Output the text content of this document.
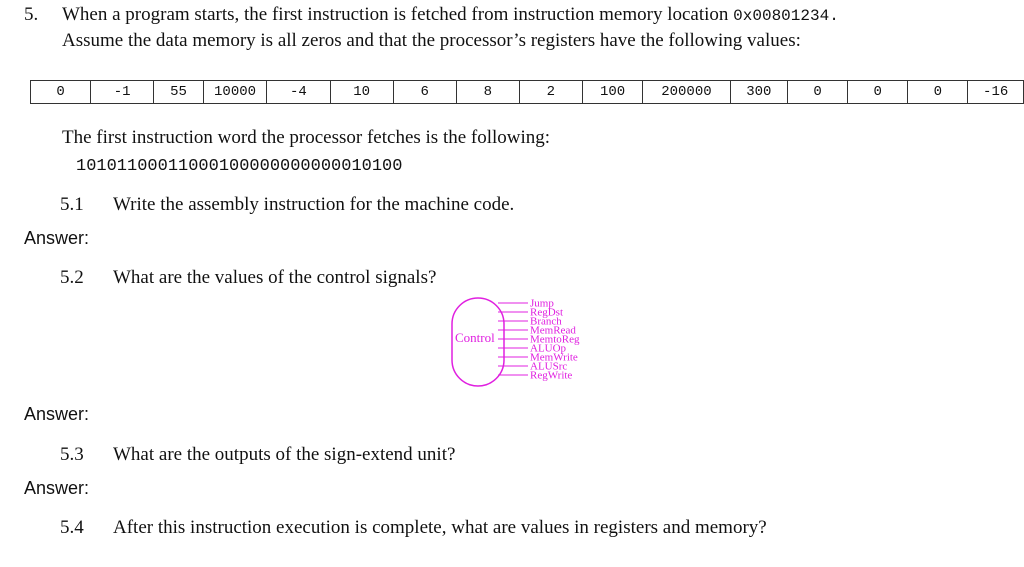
5. When a program starts, the first instruction is fetched from instruction memory location 0x00801234.
Assume the data memory is all zeros and that the processor’s registers have the following values:
0	-1	55	10000	-4	10	6	8	2	100	200000	300	0	0	0	-16
The first instruction word the processor fetches is the following:
10101100011000100000000000010100
5.1 Write the assembly instruction for the machine code.
Answer:
5.2 What are the values of the control signals?
Control
Jump
RegDst
Branch
MemRead
MemtoReg
ALUOp
MemWrite
ALUSrc
RegWrite
Answer:
5.3 What are the outputs of the sign-extend unit?
Answer:
5.4 After this instruction execution is complete, what are values in registers and memory?
